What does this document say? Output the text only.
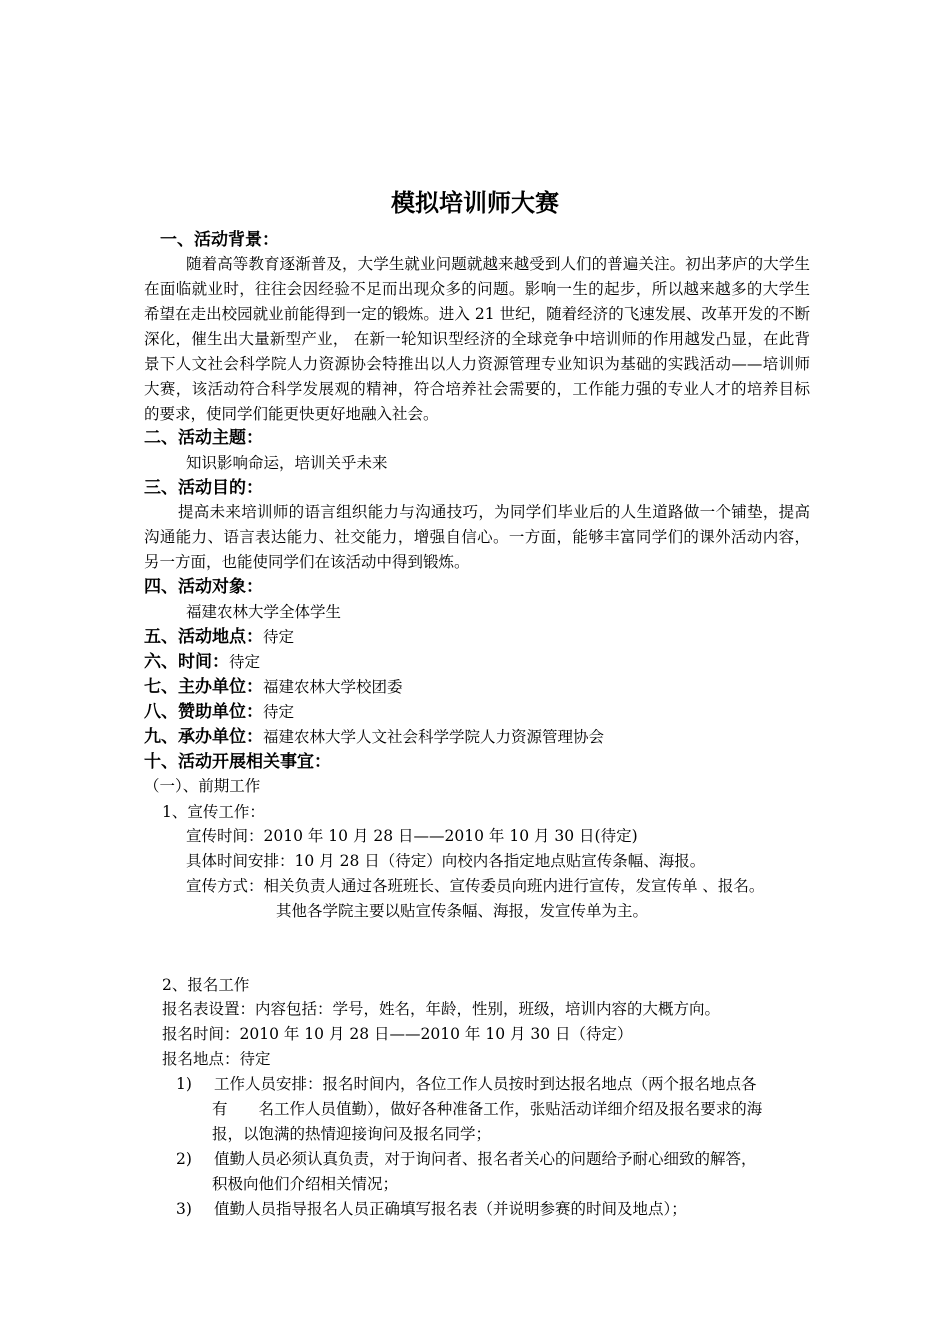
模拟培训师大赛
一、活动背景：
随着高等教育逐渐普及，大学生就业问题就越来越受到人们的普遍关注。初出茅庐的大学生在面临就业时，往往会因经验不足而出现众多的问题。影响一生的起步，所以越来越多的大学生希望在走出校园就业前能得到一定的锻炼。进入 21 世纪，随着经济的飞速发展、改革开发的不断深化，催生出大量新型产业， 在新一轮知识型经济的全球竞争中培训师的作用越发凸显，在此背景下人文社会科学院人力资源协会特推出以人力资源管理专业知识为基础的实践活动——培训师大赛，该活动符合科学发展观的精神，符合培养社会需要的，工作能力强的专业人才的培养目标的要求，使同学们能更快更好地融入社会。
二、活动主题：
知识影响命运，培训关乎未来
三、活动目的：
提高未来培训师的语言组织能力与沟通技巧，为同学们毕业后的人生道路做一个铺垫，提高沟通能力、语言表达能力、社交能力，增强自信心。一方面，能够丰富同学们的课外活动内容，另一方面，也能使同学们在该活动中得到锻炼。
四、活动对象：
福建农林大学全体学生
五、活动地点：待定
六、时间：待定
七、主办单位：福建农林大学校团委
八、赞助单位：待定
九、承办单位：福建农林大学人文社会科学学院人力资源管理协会
十、活动开展相关事宜：
（一）、前期工作
1、宣传工作：
宣传时间：2010 年 10 月 28 日——2010 年 10 月 30 日(待定)
具体时间安排：10 月 28 日（待定）向校内各指定地点贴宣传条幅、海报。
宣传方式：相关负责人通过各班班长、宣传委员向班内进行宣传，发宣传单 、报名。
其他各学院主要以贴宣传条幅、海报，发宣传单为主。
2、报名工作
报名表设置：内容包括：学号，姓名，年龄，性别，班级，培训内容的大概方向。
报名时间：2010 年 10 月 28 日——2010 年 10 月 30 日（待定）
报名地点：待定
1) 工作人员安排：报名时间内，各位工作人员按时到达报名地点（两个报名地点各
有　　名工作人员值勤），做好各种准备工作，张贴活动详细介绍及报名要求的海
报，以饱满的热情迎接询问及报名同学；
2) 值勤人员必须认真负责，对于询问者、报名者关心的问题给予耐心细致的解答，
积极向他们介绍相关情况；
3) 值勤人员指导报名人员正确填写报名表（并说明参赛的时间及地点）；
